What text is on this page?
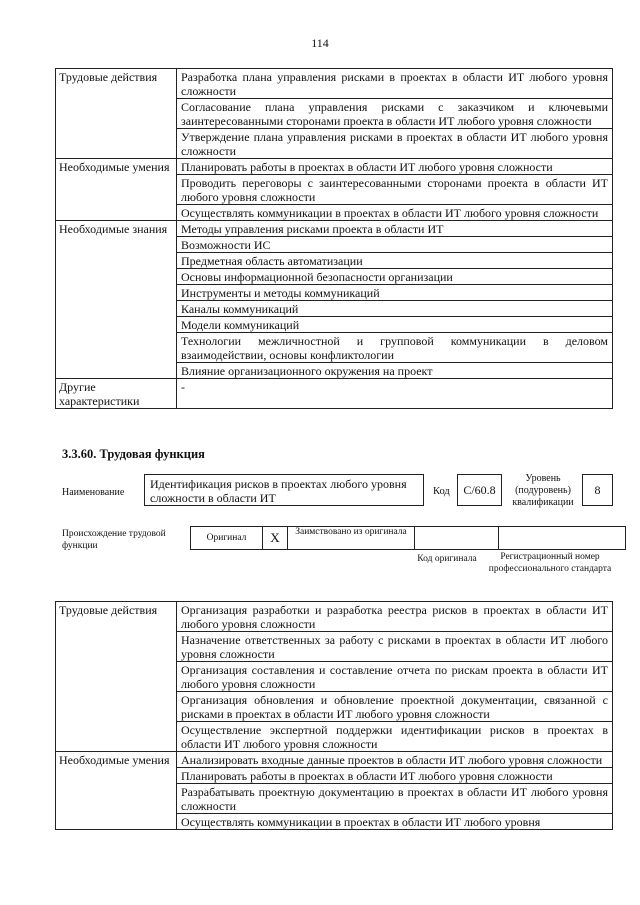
114
Трудовые действия	Разработка плана управления рисками в проектах в области ИТ любого уровня сложности
	Согласование плана управления рисками с заказчиком и ключевыми заинтересованными сторонами проекта в области ИТ любого уровня сложности
	Утверждение плана управления рисками в проектах в области ИТ любого уровня сложности
Необходимые умения	Планировать работы в проектах в области ИТ любого уровня сложности
	Проводить переговоры с заинтересованными сторонами проекта в области ИТ любого уровня сложности
	Осуществлять коммуникации в проектах в области ИТ любого уровня сложности
Необходимые знания	Методы управления рисками проекта в области ИТ
	Возможности ИС
	Предметная область автоматизации
	Основы информационной безопасности организации
	Инструменты и методы коммуникаций
	Каналы коммуникаций
	Модели коммуникаций
	Технологии межличностной и групповой коммуникации в деловом взаимодействии, основы конфликтологии
	Влияние организационного окружения на проект
Другие характеристики	-
3.3.60. Трудовая функция
Наименование
Идентификация рисков в проектах любого уровня сложности в области ИТ	Код	C/60.8
Уровень (подуровень) квалификации
8
Происхождение трудовой функции
Оригинал	X	Заимствовано из оригинала		
Код оригинала	Регистрационный номер профессионального стандарта
Трудовые действия	Организация разработки и разработка реестра рисков в проектах в области ИТ любого уровня сложности
	Назначение ответственных за работу с рисками в проектах в области ИТ любого уровня сложности
	Организация составления и составление отчета по рискам проекта в области ИТ любого уровня сложности
	Организация обновления и обновление проектной документации, связанной с рисками в проектах в области ИТ любого уровня сложности
	Осуществление экспертной поддержки идентификации рисков в проектах в области ИТ любого уровня сложности
Необходимые умения	Анализировать входные данные проектов в области ИТ любого уровня сложности
	Планировать работы в проектах в области ИТ любого уровня сложности
	Разрабатывать проектную документацию в проектах в области ИТ любого уровня сложности
	Осуществлять коммуникации в проектах в области ИТ любого уровня
